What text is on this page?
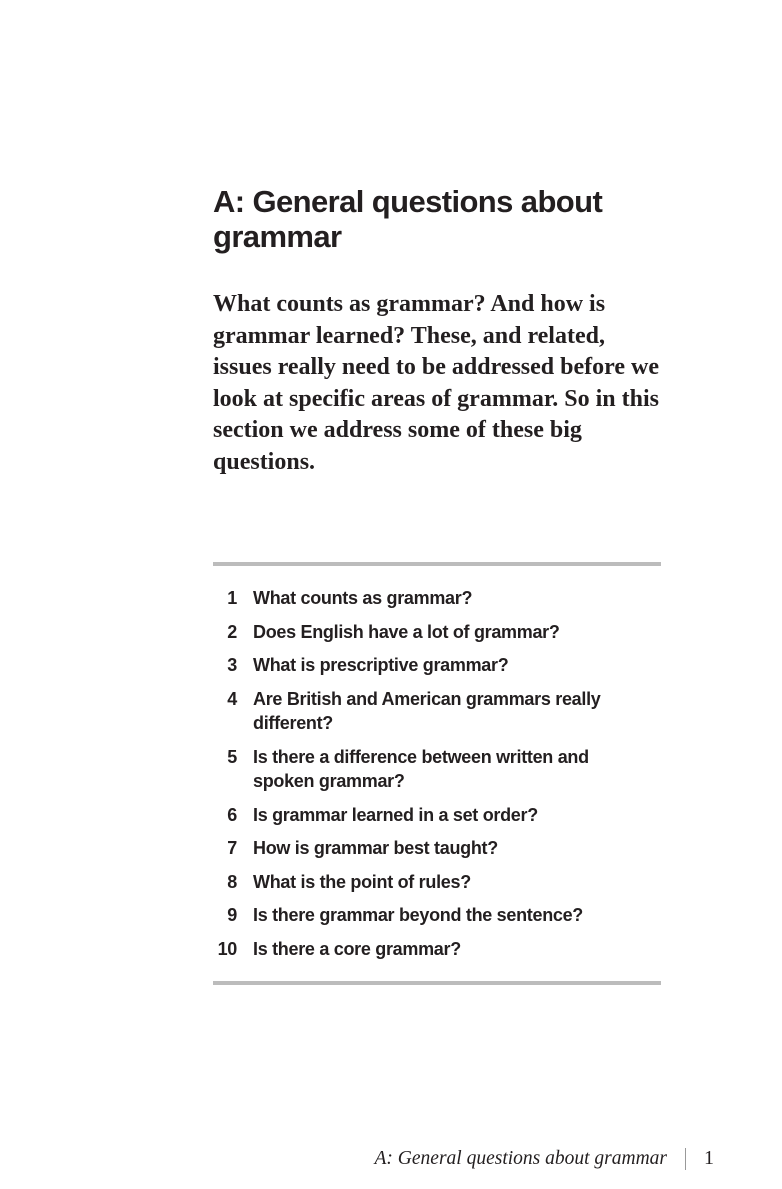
A: General questions about
grammar

What counts as grammar? And how is grammar learned? These, and related, issues really need to be addressed before we look at specific areas of grammar. So in this section we address some of these big questions.

1 What counts as grammar?
2 Does English have a lot of grammar?
3 What is prescriptive grammar?
4 Are British and American grammars really different?
5 Is there a difference between written and spoken grammar?
6 Is grammar learned in a set order?
7 How is grammar best taught?
8 What is the point of rules?
9 Is there grammar beyond the sentence?
10 Is there a core grammar?
A: General questions about grammar 1
